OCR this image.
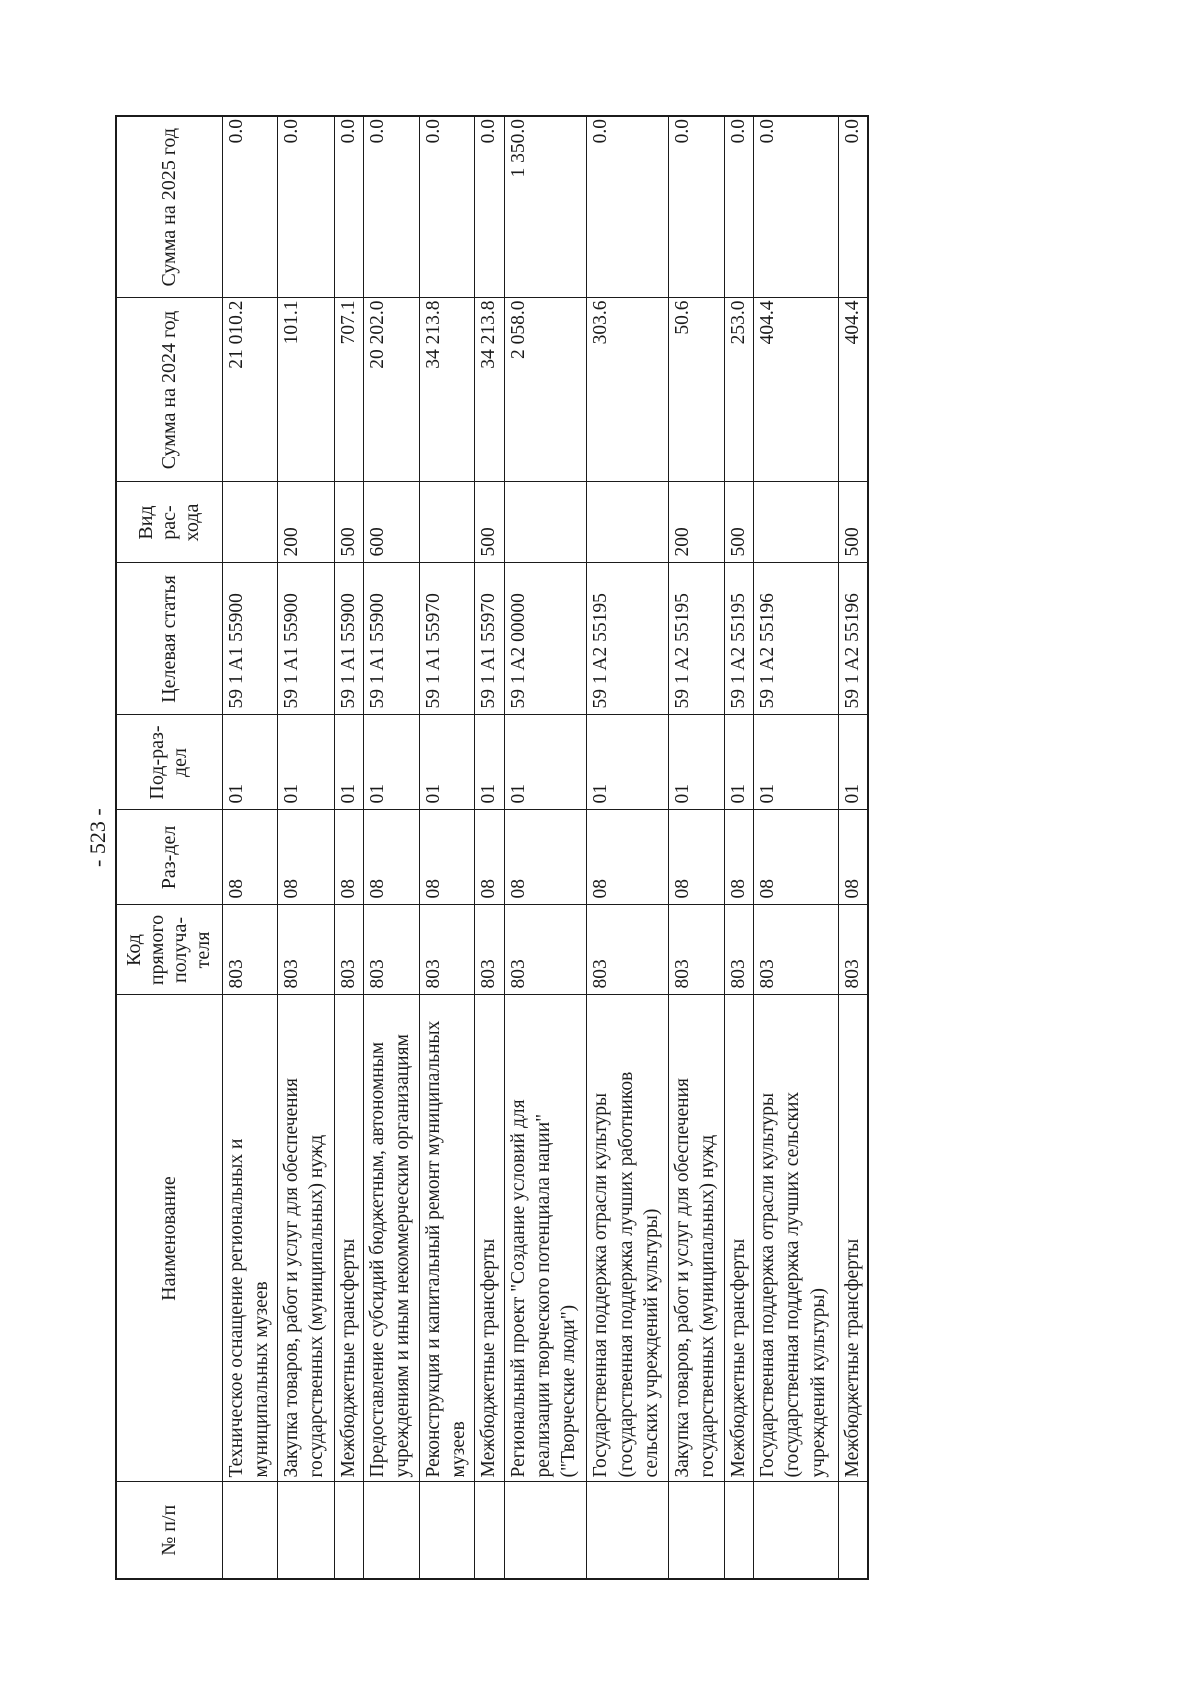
- 523 -
№ п/п	Наименование	Код прямого получа-теля	Раз-дел	Под-раз-дел	Целевая статья	Вид рас-хода	Сумма на 2024 год	Сумма на 2025 год
	Техническое оснащение региональных и муниципальных музеев	803	08	01	59 1 A1 55900		21 010.2	0.0
	Закупка товаров, работ и услуг для обеспечения государственных (муниципальных) нужд	803	08	01	59 1 A1 55900	200	101.1	0.0
	Межбюджетные трансферты	803	08	01	59 1 A1 55900	500	707.1	0.0
	Предоставление субсидий бюджетным, автономным учреждениям и иным некоммерческим организациям	803	08	01	59 1 A1 55900	600	20 202.0	0.0
	Реконструкция и капитальный ремонт муниципальных музеев	803	08	01	59 1 A1 55970		34 213.8	0.0
	Межбюджетные трансферты	803	08	01	59 1 A1 55970	500	34 213.8	0.0
	Региональный проект "Создание условий для реализации творческого потенциала нации" ("Творческие люди")	803	08	01	59 1 A2 00000		2 058.0	1 350.0
	Государственная поддержка отрасли культуры (государственная поддержка лучших работников сельских учреждений культуры)	803	08	01	59 1 A2 55195		303.6	0.0
	Закупка товаров, работ и услуг для обеспечения государственных (муниципальных) нужд	803	08	01	59 1 A2 55195	200	50.6	0.0
	Межбюджетные трансферты	803	08	01	59 1 A2 55195	500	253.0	0.0
	Государственная поддержка отрасли культуры (государственная поддержка лучших сельских учреждений культуры)	803	08	01	59 1 A2 55196		404.4	0.0
	Межбюджетные трансферты	803	08	01	59 1 A2 55196	500	404.4	0.0
